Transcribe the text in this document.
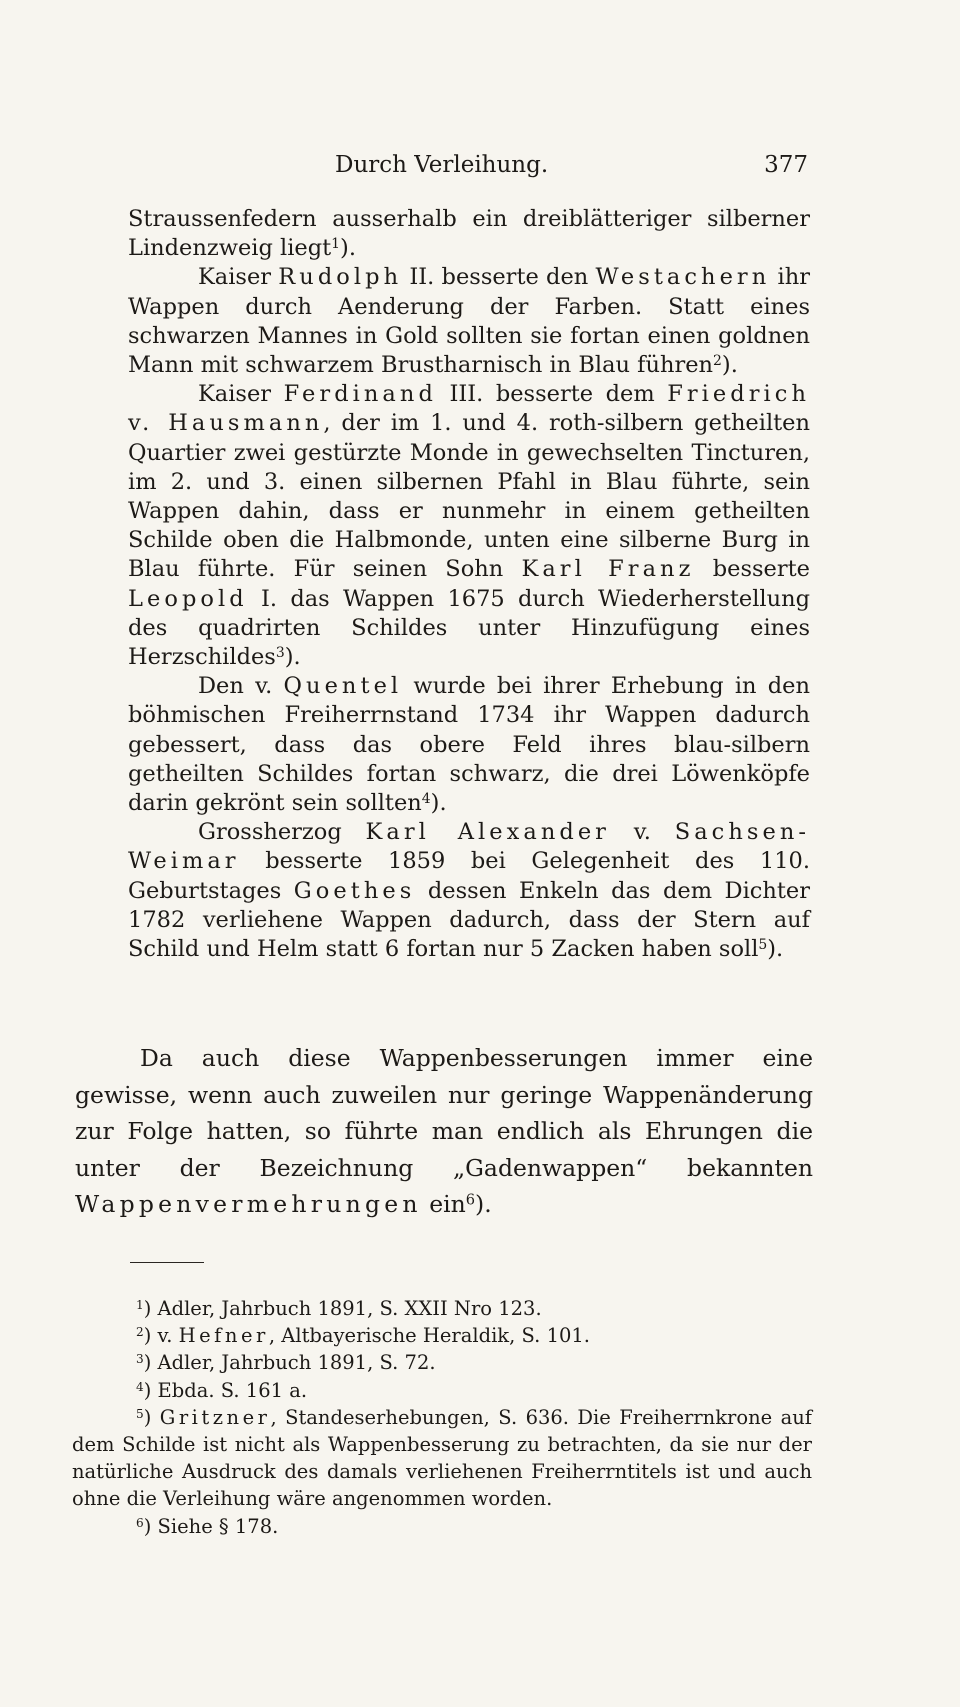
Durch Verleihung.	377

Straussenfedern ausserhalb ein dreiblätteriger silberner Lindenzweig liegt$^1$).

Kaiser Rudolph II. besserte den Westachern ihr Wappen durch Aenderung der Farben. Statt eines schwarzen Mannes in Gold sollten sie fortan einen goldnen Mann mit schwarzem Brustharnisch in Blau führen$^2$).

Kaiser Ferdinand III. besserte dem Friedrich v. Hausmann, der im 1. und 4. roth-silbern getheilten Quartier zwei gestürzte Monde in gewechselten Tincturen, im 2. und 3. einen silbernen Pfahl in Blau führte, sein Wappen dahin, dass er nunmehr in einem getheilten Schilde oben die Halbmonde, unten eine silberne Burg in Blau führte. Für seinen Sohn Karl Franz besserte Leopold I. das Wappen 1675 durch Wiederherstellung des quadrirten Schildes unter Hinzufügung eines Herzschildes$^3$).

Den v. Quentel wurde bei ihrer Erhebung in den böhmischen Freiherrnstand 1734 ihr Wappen dadurch gebessert, dass das obere Feld ihres blau-silbern getheilten Schildes fortan schwarz, die drei Löwenköpfe darin gekrönt sein sollten$^4$).

Grossherzog Karl Alexander v. Sachsen-Weimar besserte 1859 bei Gelegenheit des 110. Geburtstages Goethes dessen Enkeln das dem Dichter 1782 verliehene Wappen dadurch, dass der Stern auf Schild und Helm statt 6 fortan nur 5 Zacken haben soll$^5$).

Da auch diese Wappenbesserungen immer eine gewisse, wenn auch zuweilen nur geringe Wappenänderung zur Folge hatten, so führte man endlich als Ehrungen die unter der Bezeichnung „Gadenwappen“ bekannten Wappenvermehrungen ein$^6$).

$^1$) Adler, Jahrbuch 1891, S. XXII Nro 123.

$^2$) v. Hefner, Altbayerische Heraldik, S. 101.

$^3$) Adler, Jahrbuch 1891, S. 72.

$^4$) Ebda. S. 161 a.

$^5$) Gritzner, Standeserhebungen, S. 636. Die Freiherrnkrone auf dem Schilde ist nicht als Wappenbesserung zu betrachten, da sie nur der natürliche Ausdruck des damals verliehenen Freiherrntitels ist und auch ohne die Verleihung wäre angenommen worden.

$^6$) Siehe § 178.
